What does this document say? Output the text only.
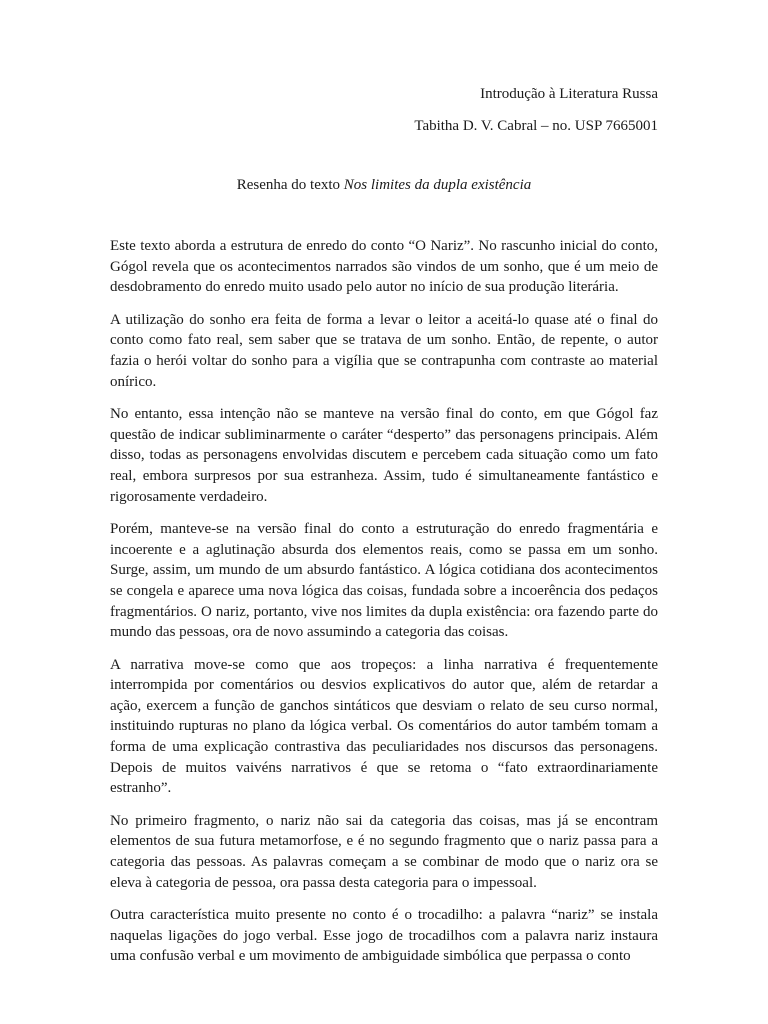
Introdução à Literatura Russa
Tabitha D. V. Cabral – no. USP 7665001
Resenha do texto Nos limites da dupla existência

Este texto aborda a estrutura de enredo do conto “O Nariz”. No rascunho inicial do conto, Gógol revela que os acontecimentos narrados são vindos de um sonho, que é um meio de desdobramento do enredo muito usado pelo autor no início de sua produção literária.

A utilização do sonho era feita de forma a levar o leitor a aceitá-lo quase até o final do conto como fato real, sem saber que se tratava de um sonho. Então, de repente, o autor fazia o herói voltar do sonho para a vigília que se contrapunha com contraste ao material onírico.

No entanto, essa intenção não se manteve na versão final do conto, em que Gógol faz questão de indicar subliminarmente o caráter “desperto” das personagens principais. Além disso, todas as personagens envolvidas discutem e percebem cada situação como um fato real, embora surpresos por sua estranheza. Assim, tudo é simultaneamente fantástico e rigorosamente verdadeiro.

Porém, manteve-se na versão final do conto a estruturação do enredo fragmentária e incoerente e a aglutinação absurda dos elementos reais, como se passa em um sonho. Surge, assim, um mundo de um absurdo fantástico. A lógica cotidiana dos acontecimentos se congela e aparece uma nova lógica das coisas, fundada sobre a incoerência dos pedaços fragmentários. O nariz, portanto, vive nos limites da dupla existência: ora fazendo parte do mundo das pessoas, ora de novo assumindo a categoria das coisas.

A narrativa move-se como que aos tropeços: a linha narrativa é frequentemente interrompida por comentários ou desvios explicativos do autor que, além de retardar a ação, exercem a função de ganchos sintáticos que desviam o relato de seu curso normal, instituindo rupturas no plano da lógica verbal. Os comentários do autor também tomam a forma de uma explicação contrastiva das peculiaridades nos discursos das personagens. Depois de muitos vaivéns narrativos é que se retoma o “fato extraordinariamente estranho”.

No primeiro fragmento, o nariz não sai da categoria das coisas, mas já se encontram elementos de sua futura metamorfose, e é no segundo fragmento que o nariz passa para a categoria das pessoas. As palavras começam a se combinar de modo que o nariz ora se eleva à categoria de pessoa, ora passa desta categoria para o impessoal.

Outra característica muito presente no conto é o trocadilho: a palavra “nariz” se instala naquelas ligações do jogo verbal. Esse jogo de trocadilhos com a palavra nariz instaura uma confusão verbal e um movimento de ambiguidade simbólica que perpassa o conto
